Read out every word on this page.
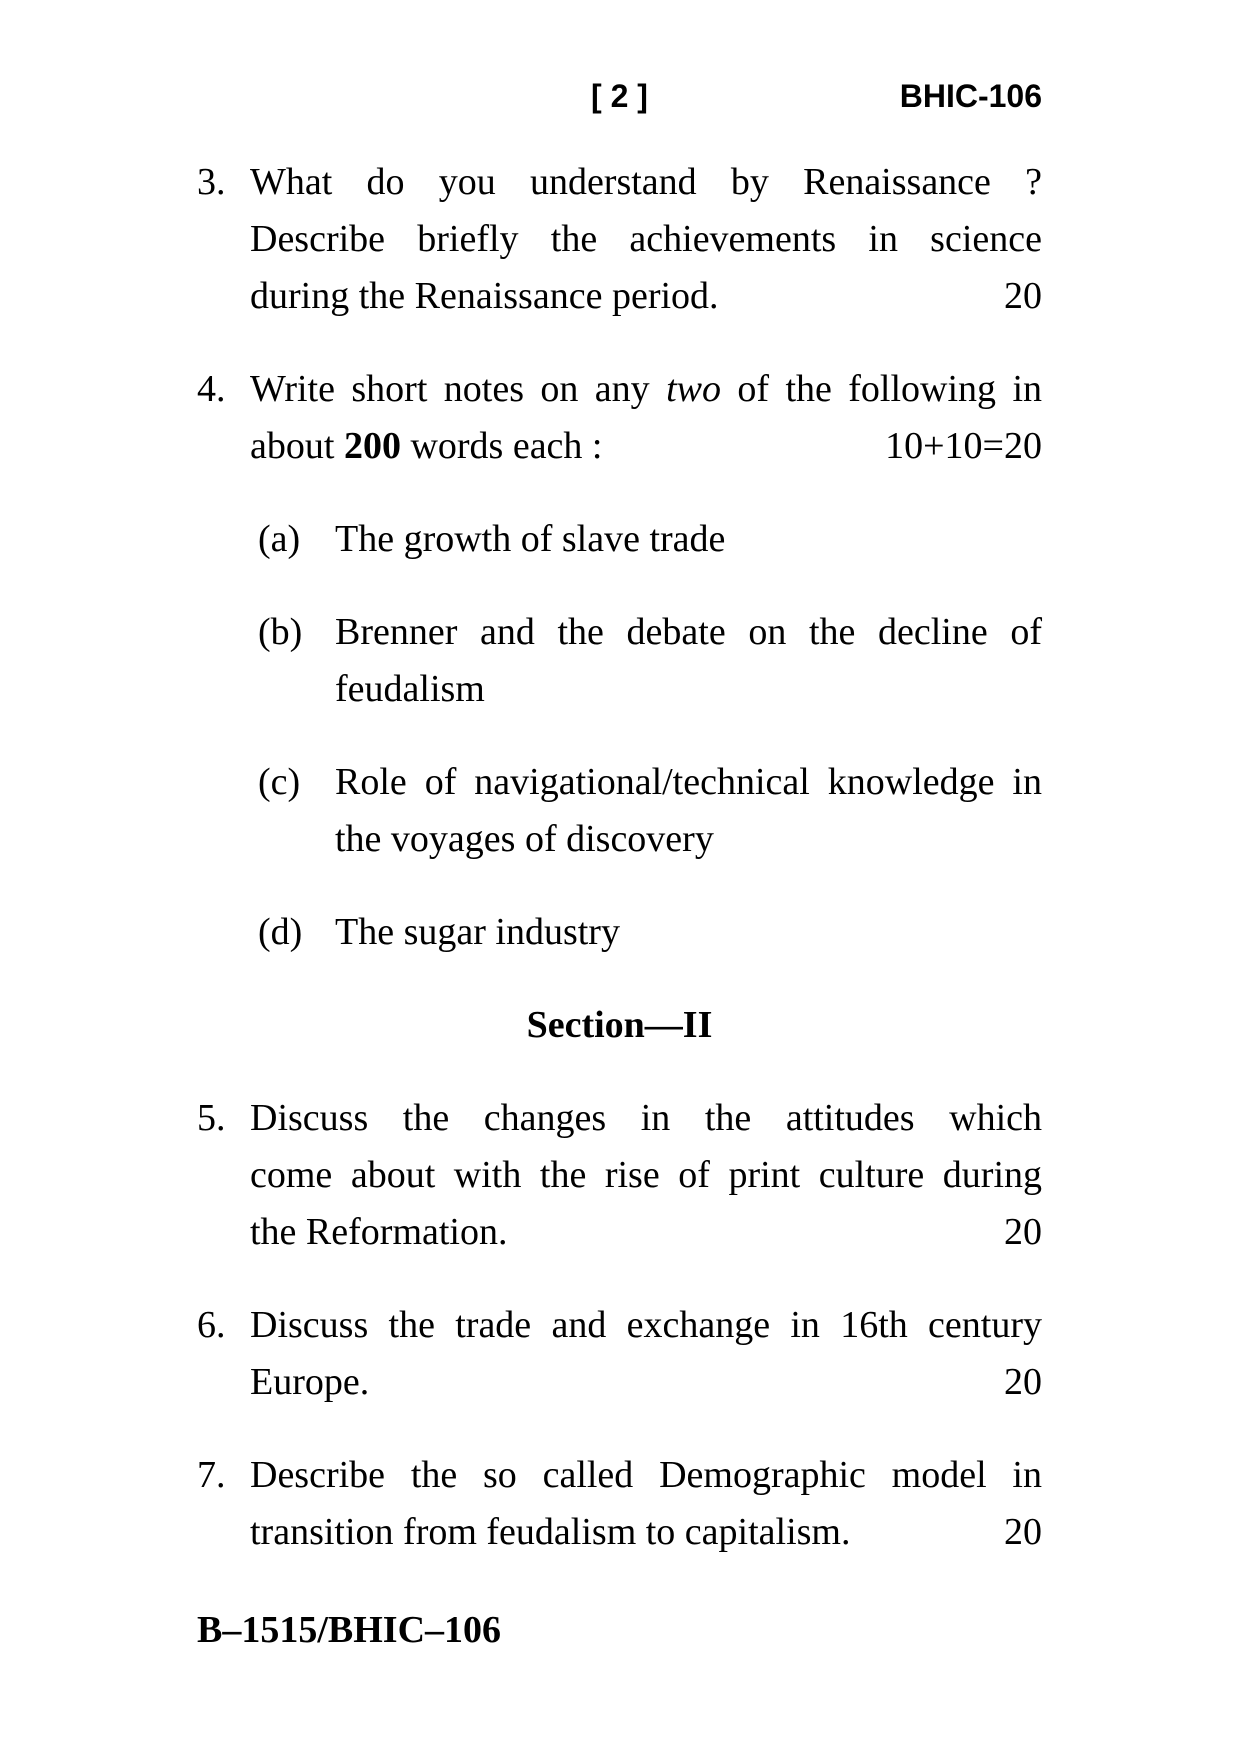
[ 2 ]	BHIC-106
3. What do you understand by Renaissance ?
Describe briefly the achievements in science
during the Renaissance period.	20
4. Write short notes on any two of the following in
about 200 words each :	10+10=20
(a) The growth of slave trade
(b) Brenner and the debate on the decline of
feudalism
(c) Role of navigational/technical knowledge in
the voyages of discovery
(d) The sugar industry
Section—II
5. Discuss the changes in the attitudes which
come about with the rise of print culture during
the Reformation.	20
6. Discuss the trade and exchange in 16th century
Europe.	20
7. Describe the so called Demographic model in
transition from feudalism to capitalism.	20
B–1515/BHIC–106
